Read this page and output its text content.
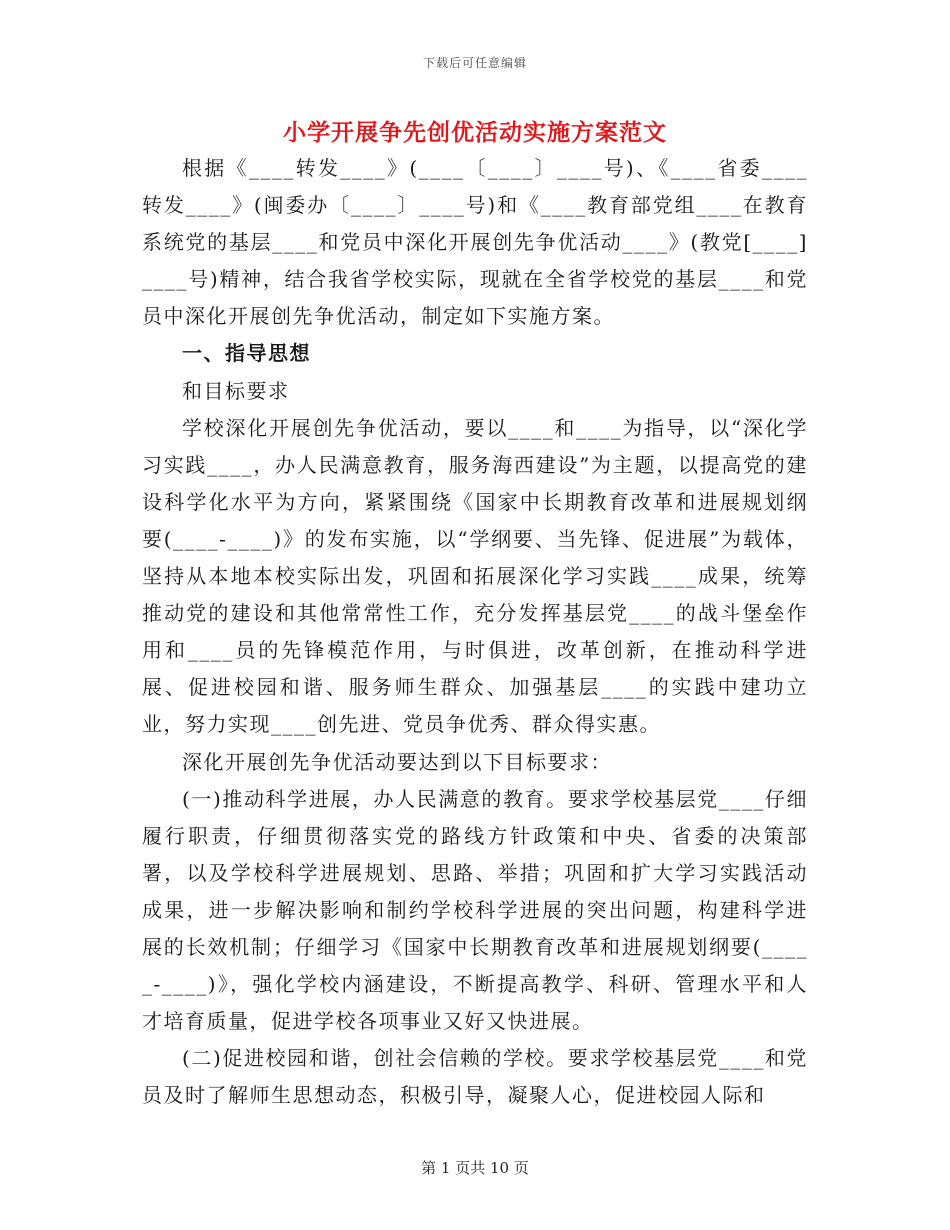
下载后可任意编辑
小学开展争先创优活动实施方案范文

根据《____转发____》(____〔____〕____号)、《____省委____转发____》(闽委办〔____〕____号)和《____教育部党组____在教育系统党的基层____和党员中深化开展创先争优活动____》(教党[____]____号)精神，结合我省学校实际，现就在全省学校党的基层____和党员中深化开展创先争优活动，制定如下实施方案。

一、指导思想

和目标要求

学校深化开展创先争优活动，要以____和____为指导，以“深化学习实践____，办人民满意教育，服务海西建设”为主题，以提高党的建设科学化水平为方向，紧紧围绕《国家中长期教育改革和进展规划纲要(____-____)》的发布实施，以“学纲要、当先锋、促进展”为载体，坚持从本地本校实际出发，巩固和拓展深化学习实践____成果，统筹推动党的建设和其他常常性工作，充分发挥基层党____的战斗堡垒作用和____员的先锋模范作用，与时俱进，改革创新，在推动科学进展、促进校园和谐、服务师生群众、加强基层____的实践中建功立业，努力实现____创先进、党员争优秀、群众得实惠。

深化开展创先争优活动要达到以下目标要求：

(一)推动科学进展，办人民满意的教育。要求学校基层党____仔细履行职责，仔细贯彻落实党的路线方针政策和中央、省委的决策部署，以及学校科学进展规划、思路、举措；巩固和扩大学习实践活动成果，进一步解决影响和制约学校科学进展的突出问题，构建科学进展的长效机制；仔细学习《国家中长期教育改革和进展规划纲要(_____-____)》，强化学校内涵建设，不断提高教学、科研、管理水平和人才培育质量，促进学校各项事业又好又快进展。

(二)促进校园和谐，创社会信赖的学校。要求学校基层党____和党员及时了解师生思想动态，积极引导，凝聚人心，促进校园人际和

第 1 页共 10 页
